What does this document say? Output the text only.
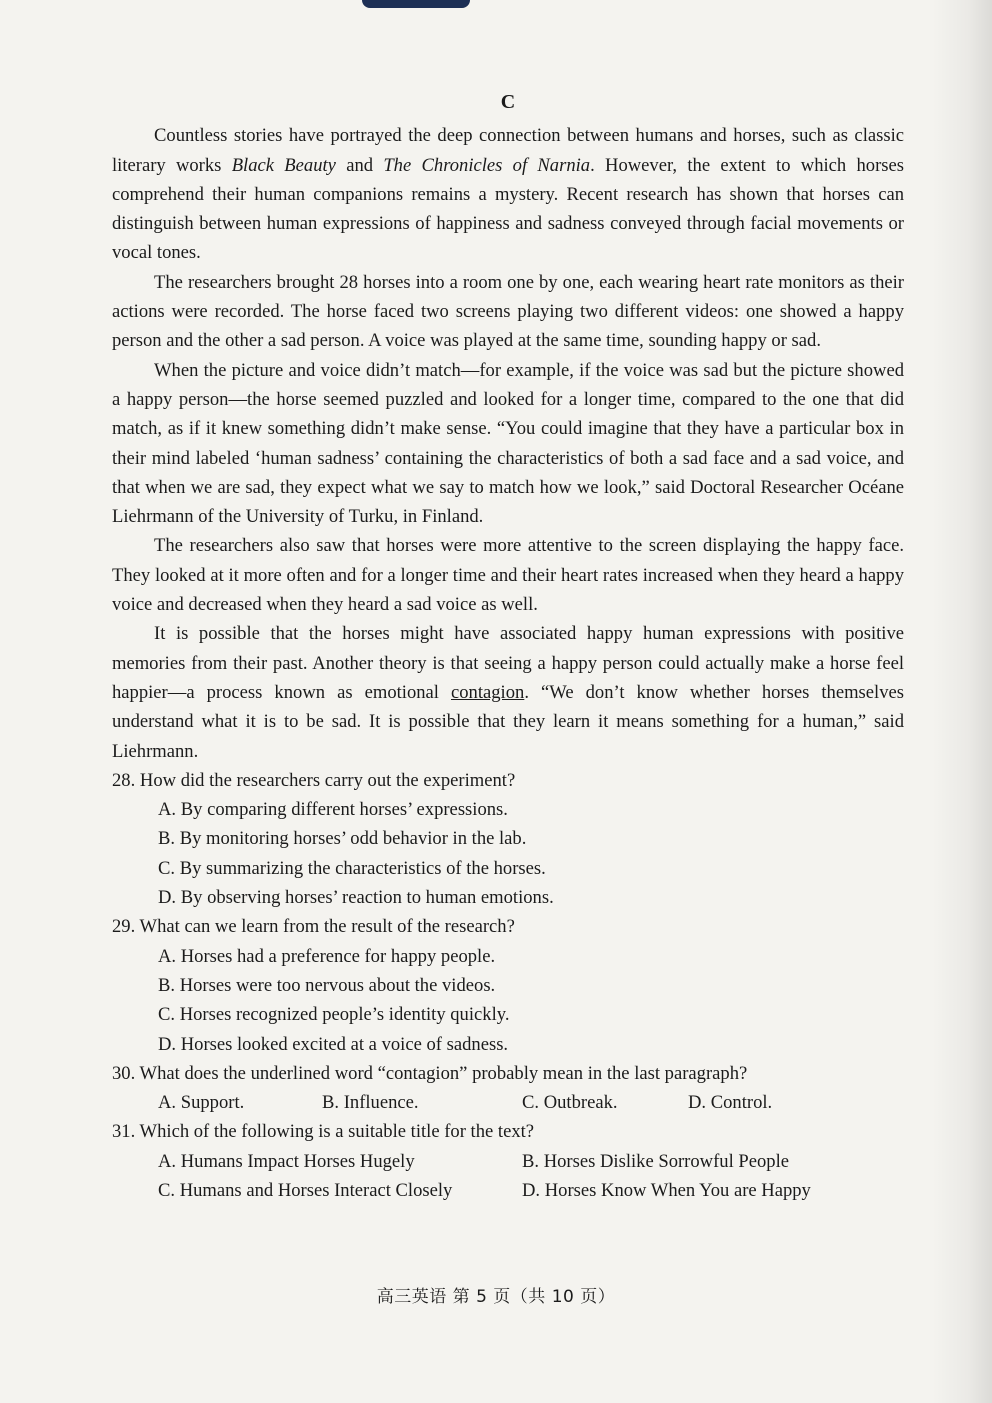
C

Countless stories have portrayed the deep connection between humans and horses, such as classic literary works Black Beauty and The Chronicles of Narnia. However, the extent to which horses comprehend their human companions remains a mystery. Recent research has shown that horses can distinguish between human expressions of happiness and sadness conveyed through facial movements or vocal tones.

The researchers brought 28 horses into a room one by one, each wearing heart rate monitors as their actions were recorded. The horse faced two screens playing two different videos: one showed a happy person and the other a sad person. A voice was played at the same time, sounding happy or sad.

When the picture and voice didn’t match—for example, if the voice was sad but the picture showed a happy person—the horse seemed puzzled and looked for a longer time, compared to the one that did match, as if it knew something didn’t make sense. “You could imagine that they have a particular box in their mind labeled ‘human sadness’ containing the characteristics of both a sad face and a sad voice, and that when we are sad, they expect what we say to match how we look,” said Doctoral Researcher Océane Liehrmann of the University of Turku, in Finland.

The researchers also saw that horses were more attentive to the screen displaying the happy face. They looked at it more often and for a longer time and their heart rates increased when they heard a happy voice and decreased when they heard a sad voice as well.

It is possible that the horses might have associated happy human expressions with positive memories from their past. Another theory is that seeing a happy person could actually make a horse feel happier—a process known as emotional contagion. “We don’t know whether horses themselves understand what it is to be sad. It is possible that they learn it means something for a human,” said Liehrmann.

28. How did the researchers carry out the experiment?

A. By comparing different horses’ expressions.

B. By monitoring horses’ odd behavior in the lab.

C. By summarizing the characteristics of the horses.

D. By observing horses’ reaction to human emotions.

29. What can we learn from the result of the research?

A. Horses had a preference for happy people.

B. Horses were too nervous about the videos.

C. Horses recognized people’s identity quickly.

D. Horses looked excited at a voice of sadness.

30. What does the underlined word “contagion” probably mean in the last paragraph?

A. Support.	B. Influence.	C. Outbreak.	D. Control.

31. Which of the following is a suitable title for the text?

A. Humans Impact Horses Hugely	B. Horses Dislike Sorrowful People

C. Humans and Horses Interact Closely	D. Horses Know When You are Happy

高三英语 第 5 页（共 10 页）
